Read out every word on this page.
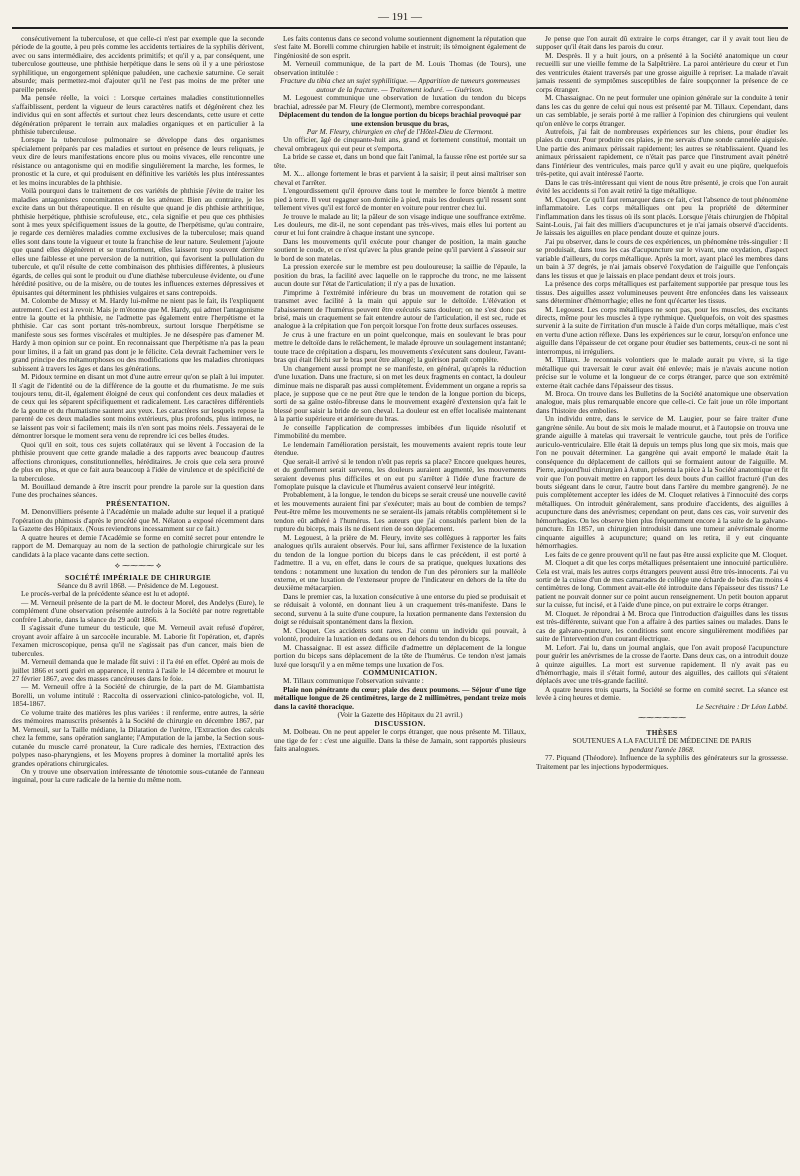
— 191 —

consécutivement la tuberculose, et que celle-ci n'est par exemple que la seconde période de la goutte, à peu près comme les accidents tertiaires de la syphilis dérivent, avec ou sans intermédiaire, des accidents primitifs; et qu'il y a, par conséquent, une tuberculose goutteuse, une phthisie herpétique dans le sens où il y a une périostose syphilitique, un engorgement splénique paludéen, une cachexie saturnine. Ce serait absurde; mais permettez-moi d'ajouter qu'il ne l'est pas moins de me prêter une pareille pensée.

Ma pensée réelle, la voici : Lorsque certaines maladies constitutionnelles s'affaiblissent, perdent la vigueur de leurs caractères natifs et dégénèrent chez les individus qui en sont affectés et surtout chez leurs descendants, cette usure et cette dégénération préparent le terrain aux maladies organiques et en particulier à la phthisie tuberculeuse.

Lorsque la tuberculose pulmonaire se développe dans des organismes spécialement préparés par ces maladies et surtout en présence de leurs reliquats, je veux dire de leurs manifestations encore plus ou moins vivaces, elle rencontre une résistance ou antagonisme qui en modifie singulièrement la marche, les formes, le pronostic et la cure, et qui produisent en définitive les variétés les plus intéressantes et les moins incurables de la phthisie.

Voilà pourquoi dans le traitement de ces variétés de phthisie j'évite de traiter les maladies antagonistes concomitantes et de les atténuer. Bien au contraire, je les excite dans un but thérapeutique. Il en résulte que quand je dis phthisie arthritique, phthisie herpétique, phthisie scrofuleuse, etc., cela signifie et peu que ces phthisies sont à mes yeux spécifiquement issues de la goutte, de l'herpétisme, qu'au contraire, je regarde ces dernières maladies comme exclusives de la tuberculose; mais quand elles sont dans toute la vigueur et toute la franchise de leur nature. Seulement j'ajoute que quand elles dégénèrent et se transforment, elles laissent trop souvent derrière elles une faiblesse et une perversion de la nutrition, qui favorisent la pullulation du tubercule, et qu'il résulte de cette combinaison des phthisies différentes, à plusieurs égards, de celles qui sont le produit ou d'une diathèse tuberculeuse évidente, ou d'une hérédité positive, ou de la misère, ou de toutes les influences externes dépressives et épuisantes qui déterminent les phthisies vulgaires et sans contrepoids.

M. Colombe de Mussy et M. Hardy lui-même ne nient pas le fait, ils l'expliquent autrement. Ceci est à revoir. Mais je m'étonne que M. Hardy, qui admet l'antagonisme entre la goutte et la phthisie, ne l'admette pas également entre l'herpétisme et la phthisie. Car cas sont portant très-nombreux, surtout lorsque l'herpétisme se manifeste sous ses formes viscérales et multiples. Je ne désespère pas d'amener M. Hardy à mon opinion sur ce point. En reconnaissant que l'herpétisme n'a pas la peau pour limites, il a fait un grand pas dont je le félicite. Cela devrait l'acheminer vers le grand principe des métamorphoses ou des modifications que les maladies chroniques subissent à travers les âges et dans les générations.

M. Pidoux termine en disant un mot d'une autre erreur qu'on se plaît à lui imputer. Il s'agit de l'identité ou de la différence de la goutte et du rhumatisme. Je me suis toujours tenu, dit-il, également éloigné de ceux qui confondent ces deux maladies et de ceux qui les séparent spécifiquement et radicalement. Les caractères différentiels de la goutte et du rhumatisme sautent aux yeux. Les caractères sur lesquels repose la parenté de ces deux maladies sont moins extérieurs, plus profonds, plus intimes, ne se laissent pas voir si facilement; mais ils n'en sont pas moins réels. J'essayerai de le démontrer lorsque le moment sera venu de reprendre ici ces belles études.

Quoi qu'il en soit, tous ces sujets collatéraux qui se lèvent à l'occasion de la phthisie prouvent que cette grande maladie a des rapports avec beaucoup d'autres affections chroniques, constitutionnelles, héréditaires. Je crois que cela sera prouvé de plus en plus, et que ce fait aura beaucoup à l'idée de virulence et de spécificité de la tuberculose.

M. Bouillaud demande à être inscrit pour prendre la parole sur la question dans l'une des prochaines séances.

PRÉSENTATION.

M. Denonvilliers présente à l'Académie un malade adulte sur lequel il a pratiqué l'opération du phimosis d'après le procédé que M. Nélaton a exposé récemment dans la Gazette des Hôpitaux. (Nous reviendrons incessamment sur ce fait.)

A quatre heures et demie l'Académie se forme en comité secret pour entendre le rapport de M. Demarquay au nom de la section de pathologie chirurgicale sur les candidats à la place vacante dans cette section.

⟡ ⁓⁓⁓⁓ ⟡

SOCIÉTÉ IMPÉRIALE DE CHIRURGIE

Séance du 8 avril 1868. — Présidence de M. Legouest.

Le procès-verbal de la précédente séance est lu et adopté.

— M. Verneuil présente de la part de M. le docteur Morel, des Andelys (Eure), le complément d'une observation présentée autrefois à la Société par notre regrettable confrère Laborie, dans la séance du 29 août 1866.

Il s'agissait d'une tumeur du testicule, que M. Verneuil avait refusé d'opérer, croyant avoir affaire à un sarcocèle incurable. M. Laborie fit l'opération, et, d'après l'examen microscopique, pensa qu'il ne s'agissait pas d'un cancer, mais bien de tubercules.

M. Verneuil demanda que le malade fût suivi : il l'a été en effet. Opéré au mois de juillet 1866 et sorti guéri en apparence, il rentra à l'asile le 14 décembre et mourut le 27 février 1867, avec des masses cancéreuses dans le foie.

— M. Verneuil offre à la Société de chirurgie, de la part de M. Giambattista Borelli, un volume intitulé : Raccolta di osservazioni clinico-patologiche, vol. II, 1854-1867.

Ce volume traite des matières les plus variées : il renferme, entre autres, la série des mémoires manuscrits présentés à la Société de chirurgie en décembre 1867, par M. Verneuil, sur la Taille médiane, la Dilatation de l'urètre, l'Extraction des calculs chez la femme, sans opération sanglante; l'Amputation de la jambe, la Section sous-cutanée du muscle carré pronateur, la Cure radicale des hernies, l'Extraction des polypes naso-pharyngiens, et les Moyens propres à dominer la mortalité après les grandes opérations chirurgicales.

On y trouve une observation intéressante de ténotomie sous-cutanée de l'anneau inguinal, pour la cure radicale de la hernie du même nom.

Les faits contenus dans ce second volume soutiennent dignement la réputation que s'est faite M. Borelli comme chirurgien habile et instruit; ils témoignent également de l'ingéniosité de son esprit.

M. Verneuil communique, de la part de M. Louis Thomas (de Tours), une observation intitulée :

Fracture du tibia chez un sujet syphilitique. — Apparition de tumeurs gommeuses autour de la fracture. — Traitement ioduré. — Guérison.

M. Legouest communique une observation de luxation du tendon du biceps brachial, adressée par M. Fleury (de Clermont), membre correspondant.

Déplacement du tendon de la longue portion du biceps brachial provoqué par une extension brusque du bras,

Par M. Fleury, chirurgien en chef de l'Hôtel-Dieu de Clermont.

Un officier, âgé de cinquante-huit ans, grand et fortement constitué, montait un cheval ombrageux qui eut peur et s'emporta.

La bride se casse et, dans un bond que fait l'animal, la fausse rêne est portée sur sa tête.

M. X... allonge fortement le bras et parvient à la saisir; il peut ainsi maîtriser son cheval et l'arrêter.

L'engourdissement qu'il éprouve dans tout le membre le force bientôt à mettre pied à terre. Il veut regagner son domicile à pied, mais les douleurs qu'il ressent sont tellement vives qu'il est forcé de monter en voiture pour rentrer chez lui.

Je trouve le malade au lit; la pâleur de son visage indique une souffrance extrême. Les douleurs, me dit-il, ne sont cependant pas très-vives, mais elles lui portent au cœur et lui font craindre à chaque instant une syncope.

Dans les mouvements qu'il exécute pour changer de position, la main gauche soutient le coude, et ce n'est qu'avec la plus grande peine qu'il parvient à s'asseoir sur le bord de son matelas.

La pression exercée sur le membre est peu douloureuse; la saillie de l'épaule, la position du bras, la facilité avec laquelle on le rapproche du tronc, ne me laissent aucun doute sur l'état de l'articulation; il n'y a pas de luxation.

J'imprime à l'extrémité inférieure du bras un mouvement de rotation qui se transmet avec facilité à la main qui appuie sur le deltoïde. L'élévation et l'abaissement de l'humérus peuvent être exécutés sans douleur; on ne s'est donc pas brisé, mais un craquement se fait entendre autour de l'articulation, il est sec, rude et analogue à la crépitation que l'on perçoit lorsque l'on frotte deux surfaces osseuses.

Je crus à une fracture en un point quelconque, mais en soulevant le bras pour mettre le deltoïde dans le relâchement, le malade éprouve un soulagement instantané; toute trace de crépitation a disparu, les mouvements s'exécutent sans douleur, l'avant-bras qui était fléchi sur le bras peut être allongé; la guérison paraît complète.

Un changement aussi prompt ne se manifeste, en général, qu'après la réduction d'une luxation. Dans une fracture, si on met les deux fragments en contact, la douleur diminue mais ne disparaît pas aussi complètement. Évidemment un organe a repris sa place, je suppose que ce ne peut être que le tendon de la longue portion du biceps, sorti de sa gaîne ostéo-fibreuse dans le mouvement exagéré d'extension qu'a fait le blessé pour saisir la bride de son cheval. La douleur est en effet localisée maintenant à la partie supérieure et antérieure du bras.

Je conseille l'application de compresses imbibées d'un liquide résolutif et l'immobilité du membre.

Le lendemain l'amélioration persistait, les mouvements avaient repris toute leur étendue.

Que serait-il arrivé si le tendon n'eût pas repris sa place? Encore quelques heures, et du gonflement serait survenu, les douleurs auraient augmenté, les mouvements seraient devenus plus difficiles et on eut pu s'arrêter à l'idée d'une fracture de l'omoplate puisque la clavicule et l'humérus avaient conservé leur intégrité.

Probablement, à la longue, le tendon du biceps se serait creusé une nouvelle cavité et les mouvements auraient fini par s'exécuter; mais au bout de combien de temps? Peut-être même les mouvements ne se seraient-ils jamais rétablis complètement si le tendon eût adhéré à l'humérus. Les auteurs que j'ai consultés parlent bien de la rupture du biceps, mais ils ne disent rien de son déplacement.

M. Legouest, à la prière de M. Fleury, invite ses collègues à rapporter les faits analogues qu'ils auraient observés. Pour lui, sans affirmer l'existence de la luxation du tendon de la longue portion du biceps dans le cas précédent, il est porté à l'admettre. Il a vu, en effet, dans le cours de sa pratique, quelques luxations des tendons : notamment une luxation du tendon de l'un des péroniers sur la malléole externe, et une luxation de l'extenseur propre de l'indicateur en dehors de la tête du deuxième métacarpien.

Dans le premier cas, la luxation consécutive à une entorse du pied se produisait et se réduisait à volonté, en donnant lieu à un craquement très-manifeste. Dans le second, survenu à la suite d'une coupure, la luxation permanente dans l'extension du doigt se réduisait spontanément dans la flexion.

M. Cloquet. Ces accidents sont rares. J'ai connu un individu qui pouvait, à volonté, produire la luxation en dedans ou en dehors du tendon du biceps.

M. Chassaignac. Il est assez difficile d'admettre un déplacement de la longue portion du biceps sans déplacement de la tête de l'humérus. Ce tendon n'est jamais luxé que lorsqu'il y a en même temps une luxation de l'os.

COMMUNICATION.

M. Tillaux communique l'observation suivante :

Plaie non pénétrante du cœur; plaie des deux poumons. — Séjour d'une tige métallique longue de 26 centimètres, large de 2 millimètres, pendant treize mois dans la cavité thoracique.

(Voir la Gazette des Hôpitaux du 21 avril.)

DISCUSSION.

M. Dolbeau. On ne peut appeler le corps étranger, que nous présente M. Tillaux, une tige de fer : c'est une aiguille. Dans la thèse de Jamain, sont rapportés plusieurs faits analogues.

Je pense que l'on aurait dû extraire le corps étranger, car il y avait tout lieu de supposer qu'il était dans les parois du cœur.

M. Desprès. Il y a huit jours, on a présenté à la Société anatomique un cœur recueilli sur une vieille femme de la Salpêtrière. La paroi antérieure du cœur et l'un des ventricules étaient traversés par une grosse aiguille à repriser. La malade n'avait jamais ressenti de symptômes susceptibles de faire soupçonner la présence de ce corps étranger.

M. Chassaignac. On ne peut formuler une opinion générale sur la conduite à tenir dans les cas du genre de celui qui nous est présenté par M. Tillaux. Cependant, dans un cas semblable, je serais porté à me rallier à l'opinion des chirurgiens qui veulent qu'on enlève le corps étranger.

Autrefois, j'ai fait de nombreuses expériences sur les chiens, pour étudier les plaies du cœur. Pour produire ces plaies, je me servais d'une sonde cannelée aiguisée. Une partie des animaux périssait rapidement; les autres se rétablissaient. Quand les animaux périssaient rapidement, ce n'était pas parce que l'instrument avait pénétré dans l'intérieur des ventricules, mais parce qu'il y avait eu une piqûre, quelquefois très-petite, qui avait intéressé l'aorte.

Dans le cas très-intéressant qui vient de nous être présenté, je crois que l'on aurait évité les accidents si l'on avait retiré la tige métallique.

M. Cloquet. Ce qu'il faut remarquer dans ce fait, c'est l'absence de tout phénomène inflammatoire. Les corps métalliques ont peu la propriété de déterminer l'inflammation dans les tissus où ils sont placés. Lorsque j'étais chirurgien de l'hôpital Saint-Louis, j'ai fait des milliers d'acupunctures et je n'ai jamais observé d'accidents. Je laissais les aiguilles en place pendant douze et quinze jours.

J'ai pu observer, dans le cours de ces expériences, un phénomène très-singulier : Il se produisait, dans tous les cas d'acupuncture sur le vivant, une oxydation, d'aspect variable d'ailleurs, du corps métallique. Après la mort, ayant placé les membres dans un bain à 37 degrés, je n'ai jamais observé l'oxydation de l'aiguille que l'enfonçais dans les tissus et que je laissais en place pendant deux et trois jours.

La présence des corps métalliques est parfaitement supportée par presque tous les tissus. Des aiguilles assez volumineuses peuvent être enfoncées dans les vaisseaux sans déterminer d'hémorrhagie; elles ne font qu'écarter les tissus.

M. Legouest. Les corps métalliques ne sont pas, pour les muscles, des excitants directs, même pour les muscles à type rythmique. Quelquefois, on voit des spasmes survenir à la suite de l'irritation d'un muscle à l'aide d'un corps métallique, mais c'est en vertu d'une action réflexe. Dans les expériences sur le cœur, lorsqu'on enfonce une aiguille dans l'épaisseur de cet organe pour étudier ses battements, ceux-ci ne sont ni interrompus, ni irréguliers.

M. Tillaux. Je reconnais volontiers que le malade aurait pu vivre, si la tige métallique qui traversait le cœur avait été enlevée; mais je n'avais aucune notion précise sur le volume et la longueur de ce corps étranger, parce que son extrémité externe était cachée dans l'épaisseur des tissus.

M. Broca. On trouve dans les Bulletins de la Société anatomique une observation analogue, mais plus remarquable encore que celle-ci. Ce fait joue un rôle important dans l'histoire des embolies.

Un individu entre, dans le service de M. Laugier, pour se faire traiter d'une gangrène sénile. Au bout de six mois le malade mourut, et à l'autopsie on trouva une grande aiguille à matelas qui traversait le ventricule gauche, tout près de l'orifice auriculo-ventriculaire. Elle était là depuis un temps plus long que six mois, mais que l'on ne pouvait déterminer. La gangrène qui avait emporté le malade était la conséquence du déplacement de caillots qui se formaient autour de l'aiguille. M. Pierre, aujourd'hui chirurgien à Autun, présenta la pièce à la Société anatomique et fit voir que l'on pouvait mettre en rapport les deux bouts d'un caillot fracturé (l'un des bouts siégeant dans le cœur, l'autre bout dans l'artère du membre gangrené). Je ne puis complètement accepter les idées de M. Cloquet relatives à l'innocuité des corps métalliques. On introduit généralement, sans produire d'accidents, des aiguilles à acupuncture dans des anévrismes; cependant on peut, dans ces cas, voir survenir des hémorrhagies. On les observe bien plus fréquemment encore à la suite de la galvano-puncture. En 1857, un chirurgien introduisit dans une tumeur anévrismale énorme cinquante aiguilles à acupuncture; quand on les retira, il y eut cinquante hémorrhagies.

Les faits de ce genre prouvent qu'il ne faut pas être aussi explicite que M. Cloquet.

M. Cloquet a dit que les corps métalliques présentaient une innocuité particulière. Cela est vrai, mais les autres corps étrangers peuvent aussi être très-innocents. J'ai vu sortir de la cuisse d'un de mes camarades de collège une écharde de bois d'au moins 4 centimètres de long. Comment avait-elle été introduite dans l'épaisseur des tissus? Le patient ne pouvait donner sur ce point aucun renseignement. Un petit bouton apparut sur la cuisse, fut incisé, et à l'aide d'une pince, on put extraire le corps étranger.

M. Cloquet. Je répondrai à M. Broca que l'introduction d'aiguilles dans les tissus est très-différente, suivant que l'on a affaire à des parties saines ou malades. Dans le cas de galvano-puncture, les conditions sont encore singulièrement modifiées par suite de l'intervention d'un courant électrique.

M. Lefort. J'ai lu, dans un journal anglais, que l'on avait proposé l'acupuncture pour guérir les anévrismes de la crosse de l'aorte. Dans deux cas, on a introduit douze à quinze aiguilles. La mort est survenue rapidement. Il n'y avait pas eu d'hémorrhagie, mais il s'était formé, autour des aiguilles, des caillots qui s'étaient déplacés avec une très-grande facilité.

A quatre heures trois quarts, la Société se forme en comité secret. La séance est levée à cinq heures et demie.

Le Secrétaire : Dr Léon Labbé.

⁓⁓⁓⁓⁓⁓

THÈSES

SOUTENUES A LA FACULTÉ DE MÉDECINE DE PARIS

pendant l'année 1868.

77. Piquand (Théodore). Influence de la syphilis des générateurs sur la grossesse. Traitement par les injections hypodermiques.
